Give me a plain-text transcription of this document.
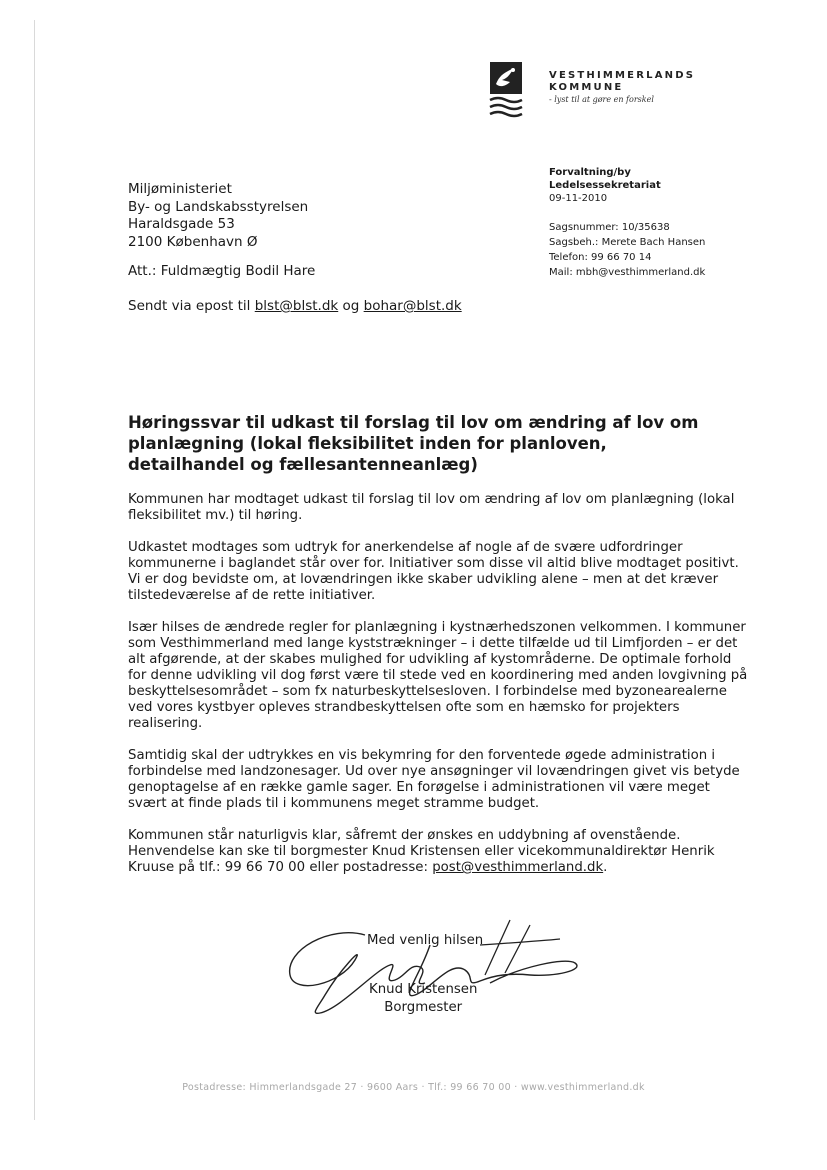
VESTHIMMERLANDS
KOMMUNE
- lyst til at gøre en forskel
Forvaltning/by
Ledelsessekretariat
09-11-2010
Sagsnummer: 10/35638
Sagsbeh.: Merete Bach Hansen
Telefon: 99 66 70 14
Mail: mbh@vesthimmerland.dk
Miljøministeriet
By- og Landskabsstyrelsen
Haraldsgade 53
2100 København Ø
Att.: Fuldmægtig Bodil Hare
Sendt via epost til blst@blst.dk og bohar@blst.dk
Høringssvar til udkast til forslag til lov om ændring af lov om planlægning (lokal fleksibilitet inden for planloven, detailhandel og fællesantenneanlæg)

Kommunen har modtaget udkast til forslag til lov om ændring af lov om planlægning (lokal fleksibilitet mv.) til høring.

Udkastet modtages som udtryk for anerkendelse af nogle af de svære udfordringer kommunerne i baglandet står over for. Initiativer som disse vil altid blive modtaget positivt. Vi er dog bevidste om, at lovændringen ikke skaber udvikling alene – men at det kræver tilstedeværelse af de rette initiativer.

Især hilses de ændrede regler for planlægning i kystnærhedszonen velkommen. I kommuner som Vesthimmerland med lange kyststrækninger – i dette tilfælde ud til Limfjorden – er det alt afgørende, at der skabes mulighed for udvikling af kystområderne. De optimale forhold for denne udvikling vil dog først være til stede ved en koordinering med anden lovgivning på beskyttelsesområdet – som fx naturbeskyttelsesloven. I forbindelse med byzonearealerne ved vores kystbyer opleves strandbeskyttelsen ofte som en hæmsko for projekters realisering.

Samtidig skal der udtrykkes en vis bekymring for den forventede øgede administration i forbindelse med landzonesager. Ud over nye ansøgninger vil lovændringen givet vis betyde genoptagelse af en række gamle sager. En forøgelse i administrationen vil være meget svært at finde plads til i kommunens meget stramme budget.

Kommunen står naturligvis klar, såfremt der ønskes en uddybning af ovenstående. Henvendelse kan ske til borgmester Knud Kristensen eller vicekommunaldirektør Henrik Kruuse på tlf.: 99 66 70 00 eller postadresse: post@vesthimmerland.dk.

Med venlig hilsen
Knud Kristensen
Borgmester
Postadresse: Himmerlandsgade 27 · 9600 Aars · Tlf.: 99 66 70 00 · www.vesthimmerland.dk
